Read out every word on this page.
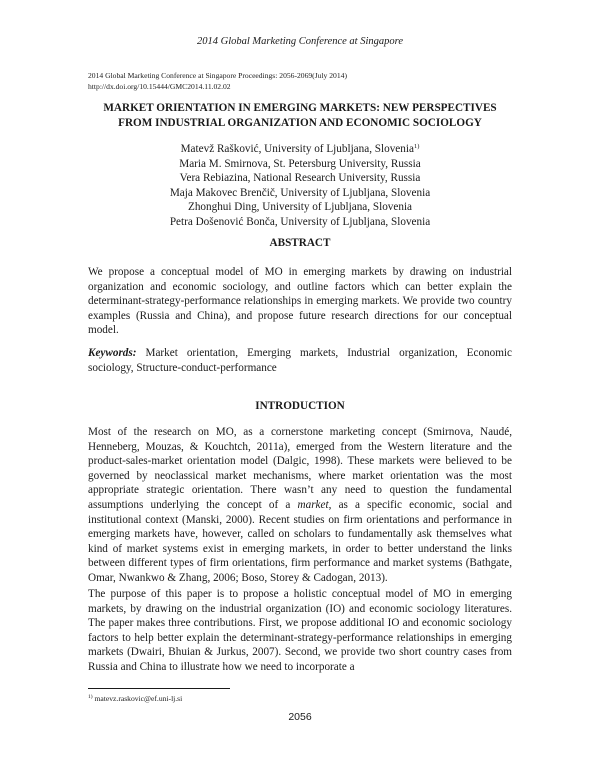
2014 Global Marketing Conference at Singapore
2014 Global Marketing Conference at Singapore Proceedings: 2056-2069(July 2014)
http://dx.doi.org/10.15444/GMC2014.11.02.02
MARKET ORIENTATION IN EMERGING MARKETS: NEW PERSPECTIVES
FROM INDUSTRIAL ORGANIZATION AND ECONOMIC SOCIOLOGY
Matevž Rašković, University of Ljubljana, Slovenia$^{1)}$
Maria M. Smirnova, St. Petersburg University, Russia
Vera Rebiazina, National Research University, Russia
Maja Makovec Brenčič, University of Ljubljana, Slovenia
Zhonghui Ding, University of Ljubljana, Slovenia
Petra Došenović Bonča, University of Ljubljana, Slovenia
ABSTRACT
We propose a conceptual model of MO in emerging markets by drawing on industrial organization and economic sociology, and outline factors which can better explain the determinant-strategy-performance relationships in emerging markets. We provide two country examples (Russia and China), and propose future research directions for our conceptual model.
Keywords: Market orientation, Emerging markets, Industrial organization, Economic sociology, Structure-conduct-performance
INTRODUCTION
Most of the research on MO, as a cornerstone marketing concept (Smirnova, Naudé, Henneberg, Mouzas, & Kouchtch, 2011a), emerged from the Western literature and the product-sales-market orientation model (Dalgic, 1998). These markets were believed to be governed by neoclassical market mechanisms, where market orientation was the most appropriate strategic orientation. There wasn’t any need to question the fundamental assumptions underlying the concept of a market, as a specific economic, social and institutional context (Manski, 2000). Recent studies on firm orientations and performance in emerging markets have, however, called on scholars to fundamentally ask themselves what kind of market systems exist in emerging markets, in order to better understand the links between different types of firm orientations, firm performance and market systems (Bathgate, Omar, Nwankwo & Zhang, 2006; Boso, Storey & Cadogan, 2013).
The purpose of this paper is to propose a holistic conceptual model of MO in emerging markets, by drawing on the industrial organization (IO) and economic sociology literatures. The paper makes three contributions. First, we propose additional IO and economic sociology factors to help better explain the determinant-strategy-performance relationships in emerging markets (Dwairi, Bhuian & Jurkus, 2007). Second, we provide two short country cases from Russia and China to illustrate how we need to incorporate a
$^{1)}$ matevz.raskovic@ef.uni-lj.si
2056
